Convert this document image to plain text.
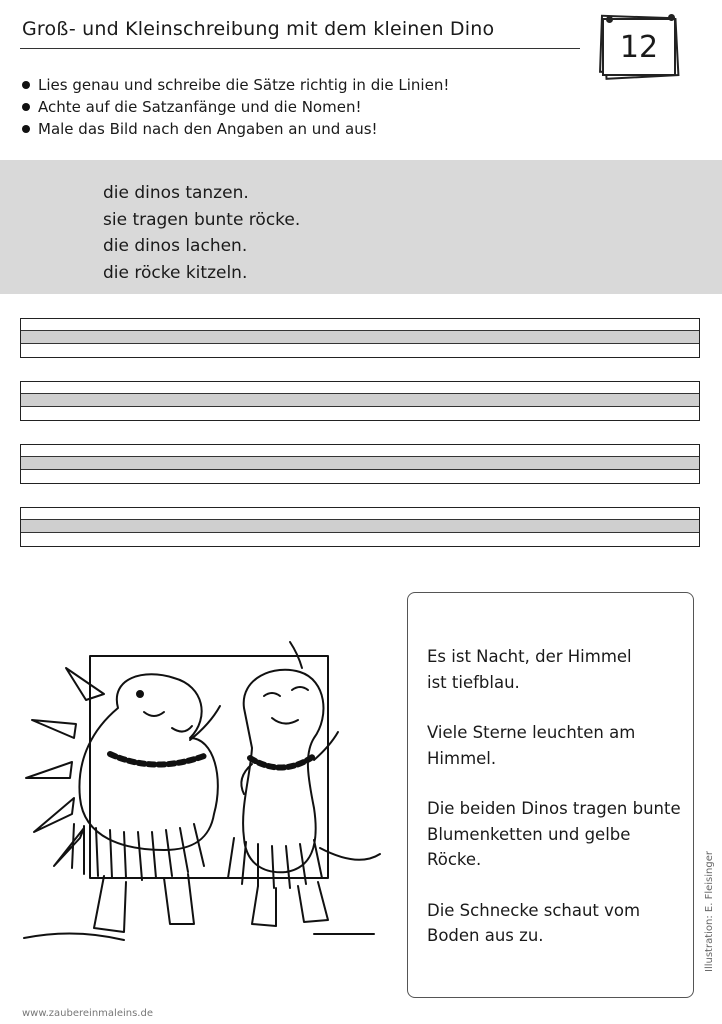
Groß- und Kleinschreibung mit dem kleinen Dino
12
Lies genau und schreibe die Sätze richtig in die Linien!
Achte auf die Satzanfänge und die Nomen!
Male das Bild nach den Angaben an und aus!
die dinos tanzen.
sie tragen bunte röcke.
die dinos lachen.
die röcke kitzeln.

Es ist Nacht, der Himmel
ist tiefblau.

Viele Sterne leuchten am
Himmel.

Die beiden Dinos tragen bunte
Blumenketten und gelbe
Röcke.

Die Schnecke schaut vom
Boden aus zu.	Illustration: E. Fleisinger
www.zaubereinmaleins.de
